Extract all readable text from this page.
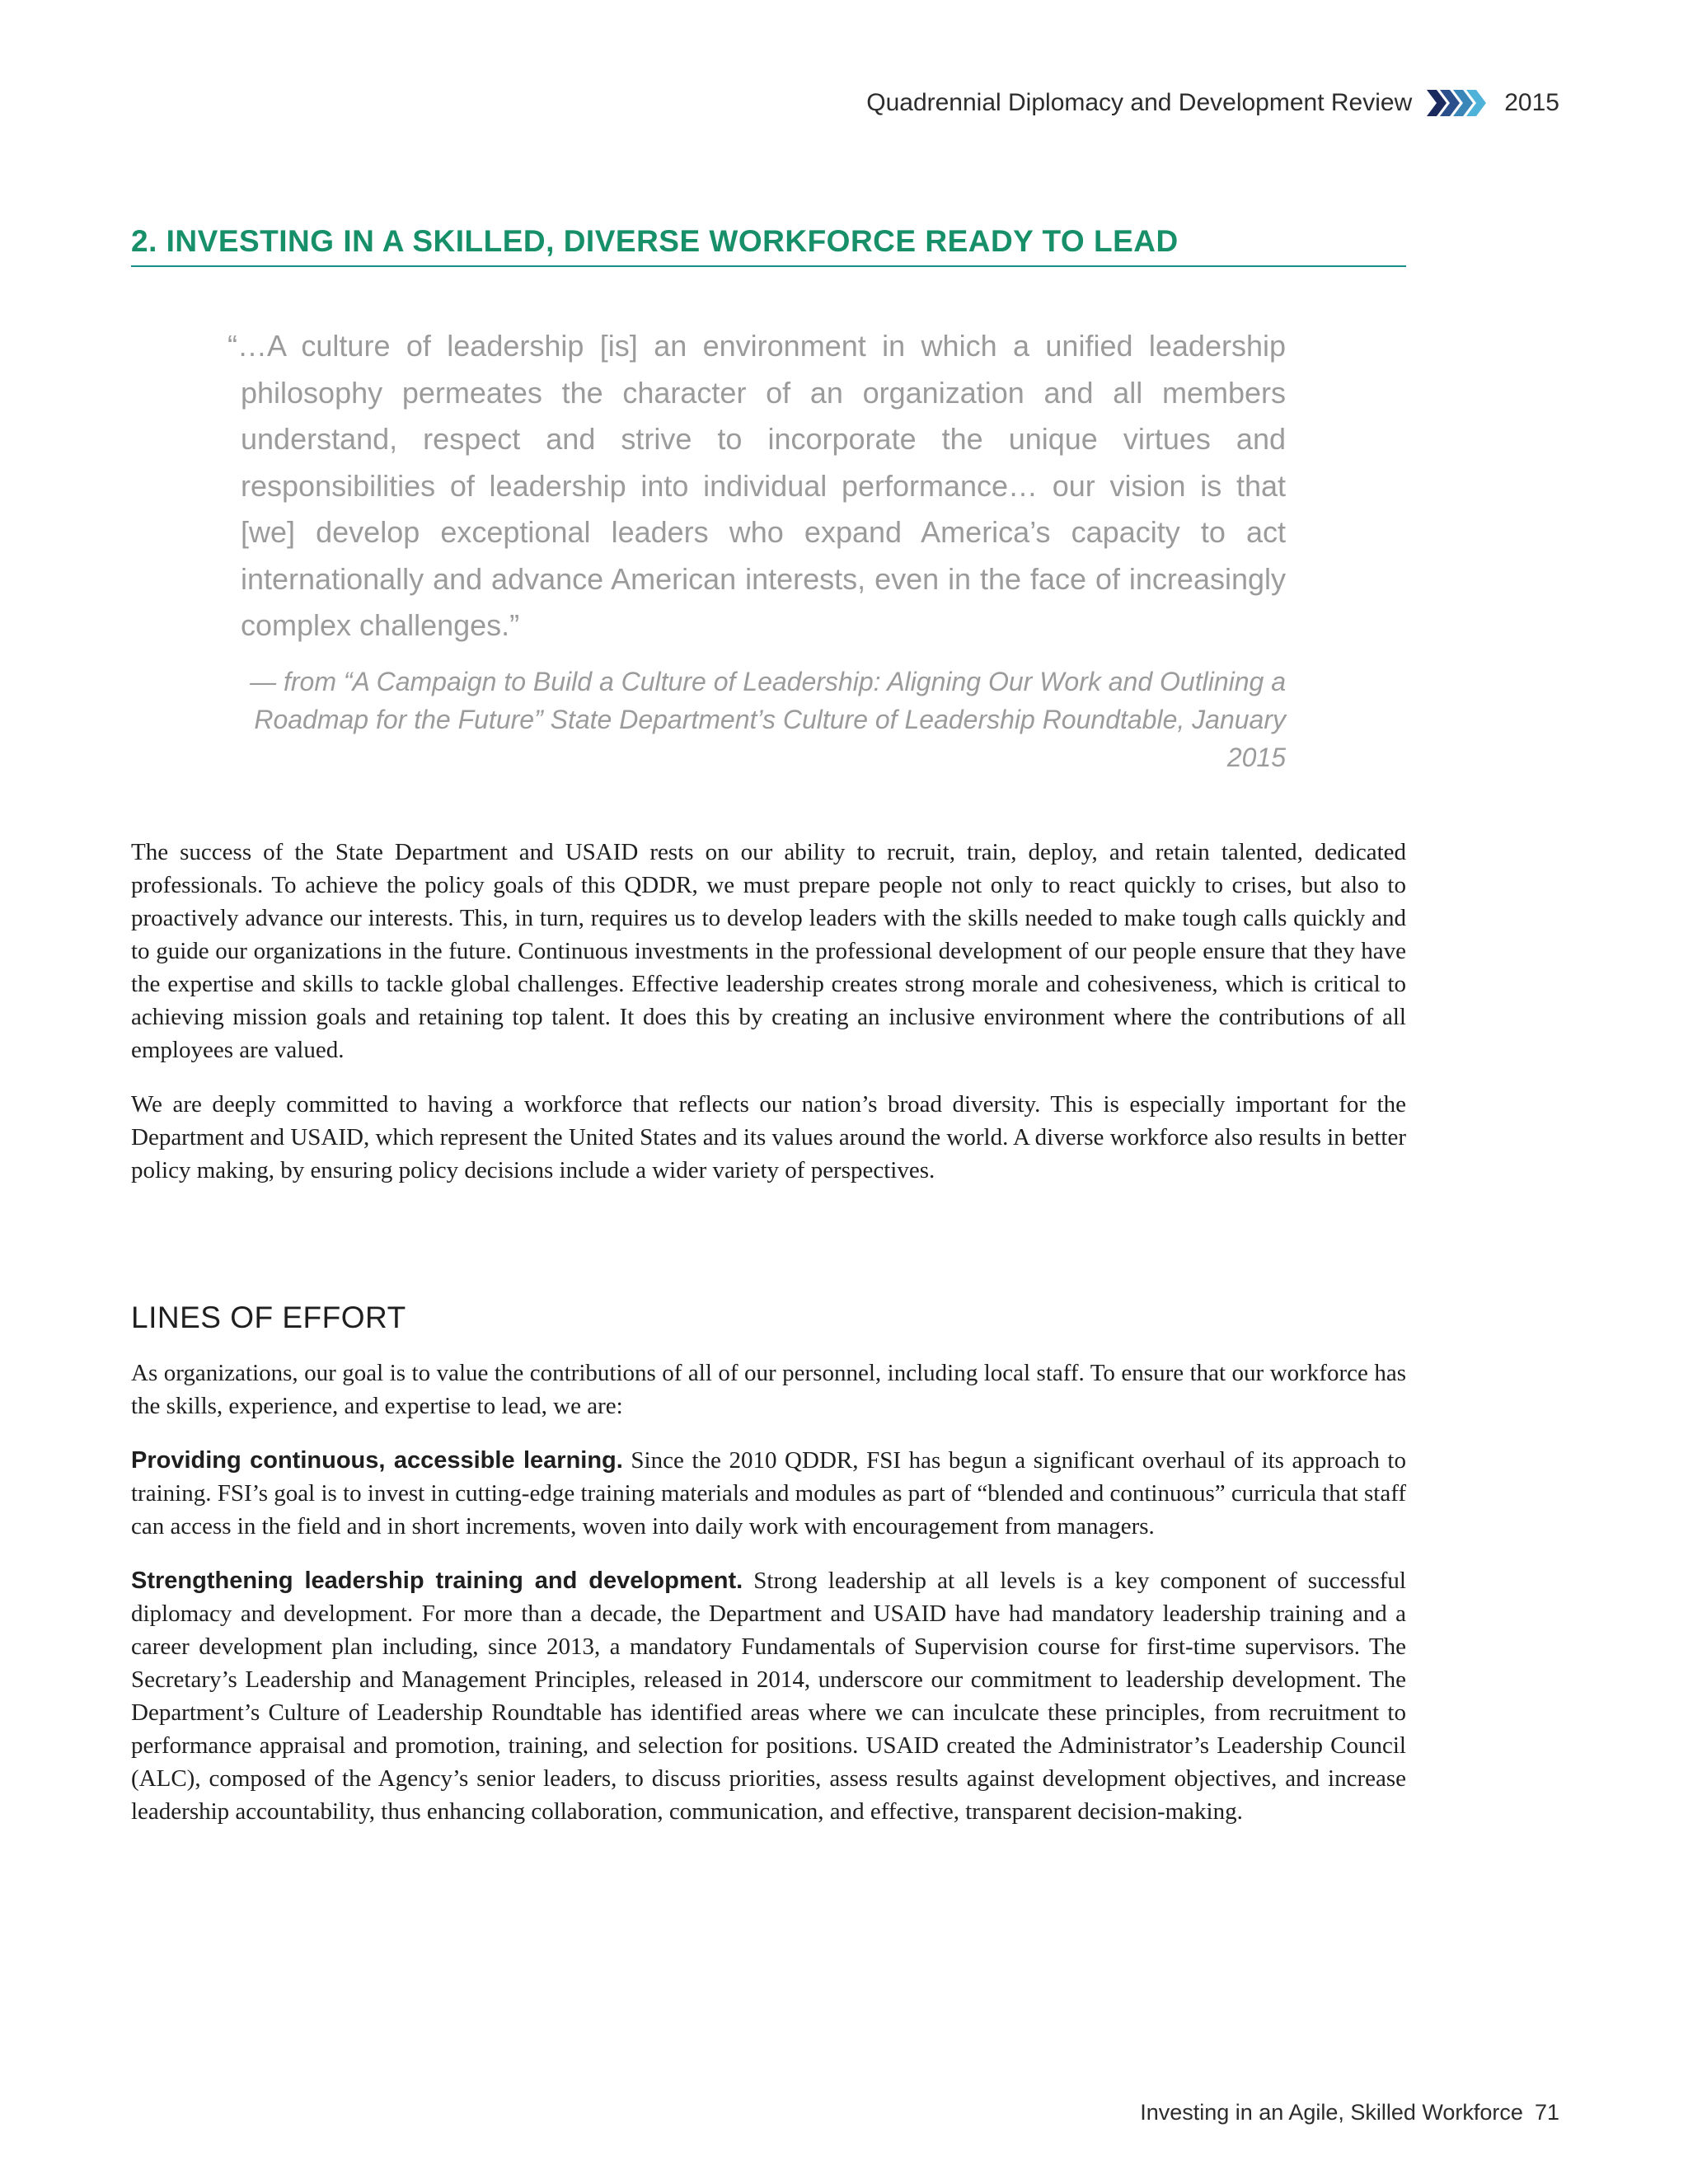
Quadrennial Diplomacy and Development Review	2015
2. INVESTING IN A SKILLED, DIVERSE WORKFORCE READY TO LEAD

“…A culture of leadership [is] an environment in which a unified leadership philosophy permeates the character of an organization and all members understand, respect and strive to incorporate the unique virtues and responsibilities of leadership into individual performance… our vision is that [we] develop exceptional leaders who expand America’s capacity to act internationally and advance American interests, even in the face of increasingly complex challenges.”

— from “A Campaign to Build a Culture of Leadership: Aligning Our Work and Outlining a Roadmap for the Future” State Department’s Culture of Leadership Roundtable, January 2015

The success of the State Department and USAID rests on our ability to recruit, train, deploy, and retain talented, dedicated professionals. To achieve the policy goals of this QDDR, we must prepare people not only to react quickly to crises, but also to proactively advance our interests. This, in turn, requires us to develop leaders with the skills needed to make tough calls quickly and to guide our organizations in the future. Continuous investments in the professional development of our people ensure that they have the expertise and skills to tackle global challenges. Effective leadership creates strong morale and cohesiveness, which is critical to achieving mission goals and retaining top talent. It does this by creating an inclusive environment where the contributions of all employees are valued.

We are deeply committed to having a workforce that reflects our nation’s broad diversity. This is especially important for the Department and USAID, which represent the United States and its values around the world. A diverse workforce also results in better policy making, by ensuring policy decisions include a wider variety of perspectives.

LINES OF EFFORT

As organizations, our goal is to value the contributions of all of our personnel, including local staff. To ensure that our workforce has the skills, experience, and expertise to lead, we are:

Providing continuous, accessible learning. Since the 2010 QDDR, FSI has begun a significant overhaul of its approach to training. FSI’s goal is to invest in cutting-edge training materials and modules as part of “blended and continuous” curricula that staff can access in the field and in short increments, woven into daily work with encouragement from managers.

Strengthening leadership training and development. Strong leadership at all levels is a key component of successful diplomacy and development. For more than a decade, the Department and USAID have had mandatory leadership training and a career development plan including, since 2013, a mandatory Fundamentals of Supervision course for first-time supervisors. The Secretary’s Leadership and Management Principles, released in 2014, underscore our commitment to leadership development. The Department’s Culture of Leadership Roundtable has identified areas where we can inculcate these principles, from recruitment to performance appraisal and promotion, training, and selection for positions. USAID created the Administrator’s Leadership Council (ALC), composed of the Agency’s senior leaders, to discuss priorities, assess results against development objectives, and increase leadership accountability, thus enhancing collaboration, communication, and effective, transparent decision-making.

Investing in an Agile, Skilled Workforce 71
